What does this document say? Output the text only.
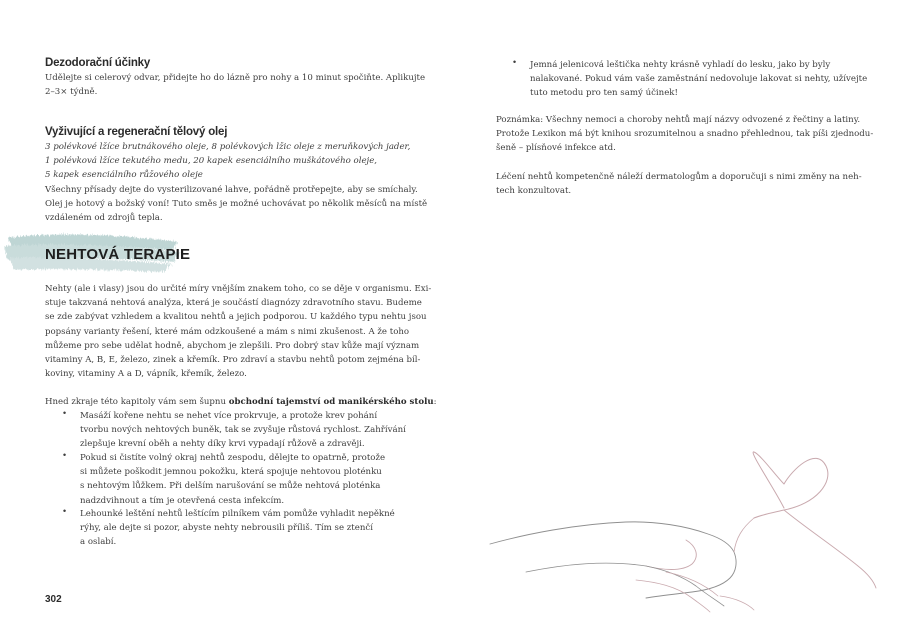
Dezodorační účinky
Udělejte si celerový odvar, přidejte ho do lázně pro nohy a 10 minut spočiňte. Aplikujte
2–3× týdně.
Vyživující a regenerační tělový olej
3 polévkové lžíce brutnákového oleje, 8 polévkových lžic oleje z meruňkových jader,
1 polévková lžíce tekutého medu, 20 kapek esenciálního muškátového oleje,
5 kapek esenciálního růžového oleje
Všechny přísady dejte do vysterilizované lahve, pořádně protřepejte, aby se smíchaly.
Olej je hotový a božský voní! Tuto směs je možné uchovávat po několik měsíců na místě
vzdáleném od zdrojů tepla.
NEHTOVÁ TERAPIE
Nehty (ale i vlasy) jsou do určité míry vnějším znakem toho, co se děje v organismu. Exi-
stuje takzvaná nehtová analýza, která je součástí diagnózy zdravotního stavu. Budeme
se zde zabývat vzhledem a kvalitou nehtů a jejich podporou. U každého typu nehtu jsou
popsány varianty řešení, které mám odzkoušené a mám s nimi zkušenost. A že toho
můžeme pro sebe udělat hodně, abychom je zlepšili. Pro dobrý stav kůže mají význam
vitaminy A, B, E, železo, zinek a křemík. Pro zdraví a stavbu nehtů potom zejména bíl-
koviny, vitaminy A a D, vápník, křemík, železo.
Hned zkraje této kapitoly vám sem šupnu obchodní tajemství od manikérského stolu:
• Masáží kořene nehtu se nehet více prokrvuje, a protože krev pohání
tvorbu nových nehtových buněk, tak se zvyšuje růstová rychlost. Zahřívání
zlepšuje krevní oběh a nehty díky krvi vypadají růžově a zdravěji.
• Pokud si čistíte volný okraj nehtů zespodu, dělejte to opatrně, protože
si můžete poškodit jemnou pokožku, která spojuje nehtovou ploténku
s nehtovým lůžkem. Při delším narušování se může nehtová ploténka
nadzdvihnout a tím je otevřená cesta infekcím.
• Lehounké leštění nehtů leštícím pilníkem vám pomůže vyhladit nepěkné
rýhy, ale dejte si pozor, abyste nehty nebrousili příliš. Tím se ztenčí
a oslabí.
302
• Jemná jelenicová leštička nehty krásně vyhladí do lesku, jako by byly
nalakované. Pokud vám vaše zaměstnání nedovoluje lakovat si nehty, užívejte
tuto metodu pro ten samý účinek!
Poznámka: Všechny nemoci a choroby nehtů mají názvy odvozené z řečtiny a latiny.
Protože Lexikon má být knihou srozumitelnou a snadno přehlednou, tak píši zjednodu-
šeně – plísňové infekce atd.
Léčení nehtů kompetenčně náleží dermatologům a doporučuji s nimi změny na neh-
tech konzultovat.
